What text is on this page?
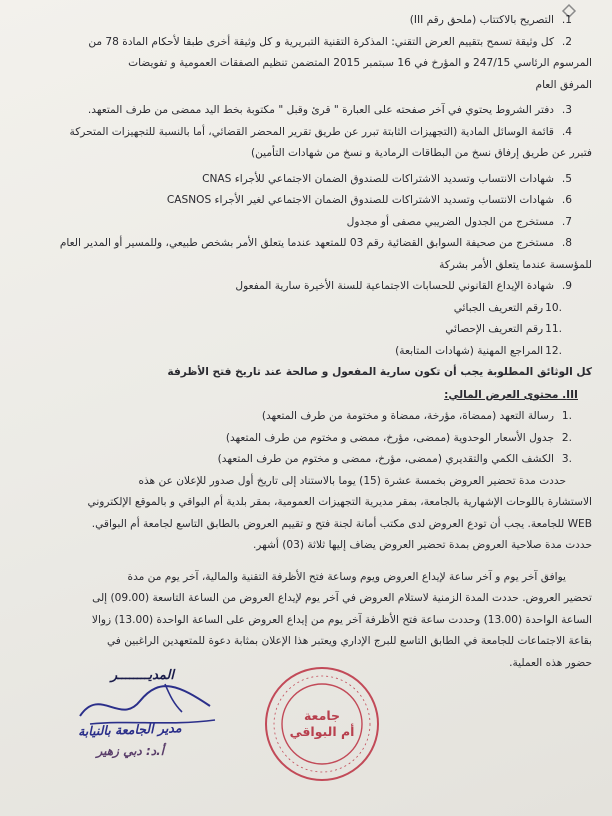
1.
التصريح بالاكتتاب (ملحق رقم III)
2.
كل وثيقة تسمح بتقييم العرض التقني: المذكرة التقنية التبريرية و كل وثيقة أخرى طبقا لأحكام المادة 78 من
المرسوم الرئاسي 247/15 و المؤرخ في 16 سبتمبر 2015 المتضمن تنظيم الصفقات العمومية و تفويضات
المرفق العام
3.
دفتر الشروط يحتوي في آخر صفحته على العبارة " قرئ وقبل " مكتوبة بخط اليد ممضى من طرف المتعهد.
4.
قائمة الوسائل المادية (التجهيزات الثابتة تبرر عن طريق تقرير المحضر القضائي، أما بالنسبة للتجهيزات المتحركة
فتبرر عن طريق إرفاق نسخ من البطاقات الرمادية و نسخ من شهادات التأمين)
5.
شهادات الانتساب وتسديد الاشتراكات للصندوق الضمان الاجتماعي للأجراء CNAS
6.
شهادات الانتساب وتسديد الاشتراكات للصندوق الضمان الاجتماعي لغير الأجراء CASNOS
7.
مستخرج من الجدول الضريبي مصفى أو مجدول
8.
مستخرج من صحيفة السوابق القضائية رقم 03 للمتعهد عندما يتعلق الأمر بشخص طبيعي، وللمسير أو المدير العام
للمؤسسة عندما يتعلق الأمر بشركة
9.
شهادة الإيداع القانوني للحسابات الاجتماعية للسنة الأخيرة سارية المفعول
.10
رقم التعريف الجبائي
.11
رقم التعريف الإحصائي
.12
المراجع المهنية (شهادات المتابعة)
كل الوثائق المطلوبة يجب أن تكون سارية المفعول و صالحة عند تاريخ فتح الأظرفة
III. محتوى العرض المالي:
.1
رسالة التعهد (ممضاة، مؤرخة، ممضاة و مختومة من طرف المتعهد)
.2
جدول الأسعار الوحدوية (ممضى، مؤرخ، ممضى و مختوم من طرف المتعهد)
.3
الكشف الكمي والتقديري (ممضى، مؤرخ، ممضى و مختوم من طرف المتعهد)
حددت مدة تحضير العروض بخمسة عشرة (15) يوما بالاستناد إلى تاريخ أول صدور للإعلان عن هذه
الاستشارة باللوحات الإشهارية بالجامعة، بمقر مديرية التجهيزات العمومية، بمقر بلدية أم البواقي و بالموقع الإلكتروني
WEB للجامعة. يجب أن تودع العروض لدى مكتب أمانة لجنة فتح و تقييم العروض بالطابق التاسع لجامعة أم البواقي.
حددت مدة صلاحية العروض بمدة تحضير العروض يضاف إليها ثلاثة (03) أشهر.
يوافق آخر يوم و آخر ساعة لإيداع العروض ويوم وساعة فتح الأظرفة التقنية والمالية، آخر يوم من مدة
تحضير العروض. حددت المدة الزمنية لاستلام العروض في آخر يوم لإيداع العروض من الساعة التاسعة (09.00) إلى
الساعة الواحدة (13.00) وحددت ساعة فتح الأظرفة آخر يوم من إيداع العروض على الساعة الواحدة (13.00) زوالا
بقاعة الاجتماعات للجامعة في الطابق التاسع للبرج الإداري ويعتبر هذا الإعلان بمثابة دعوة للمتعهدين الراغبين في
حضور هذه العملية.
المديــــــــر
مدير الجامعة بالنيابة
أ.د: دبي زهير
جامعة
أم البواقي
